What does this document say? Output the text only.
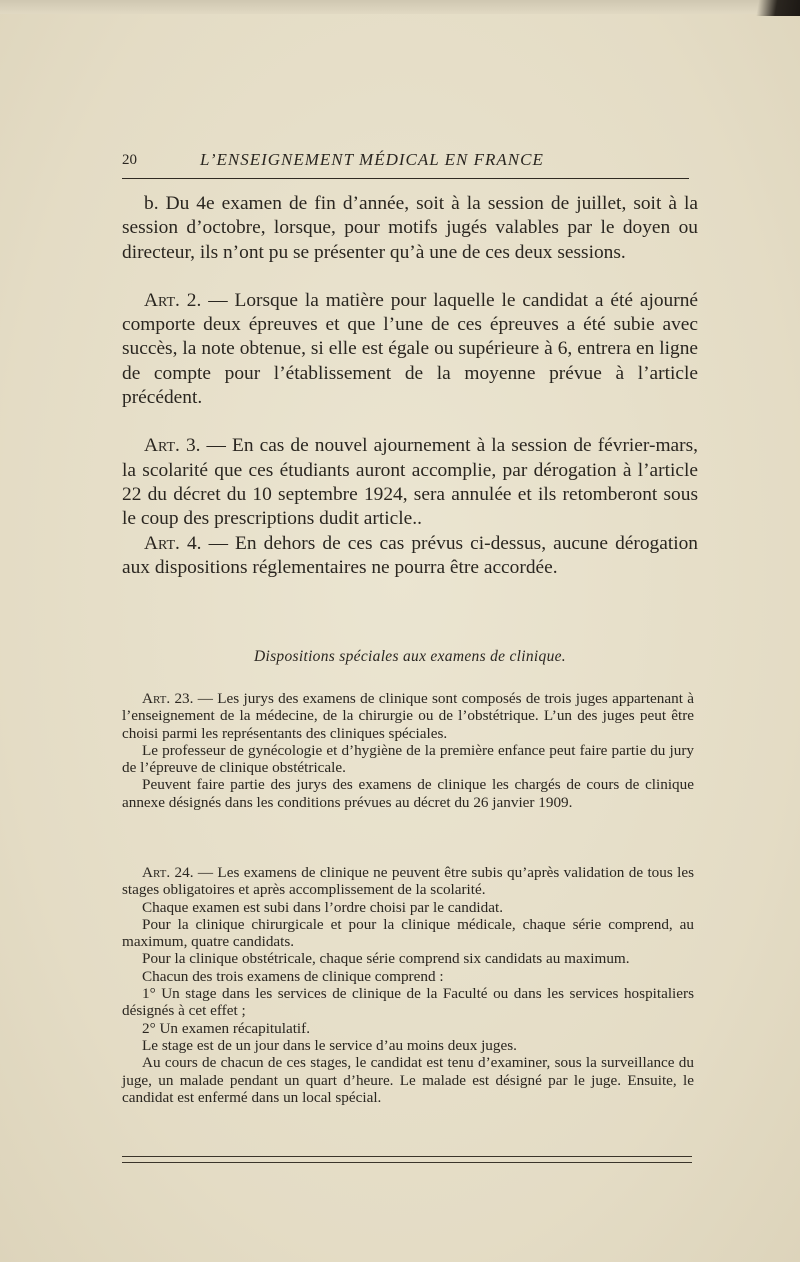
20	L’ENSEIGNEMENT MÉDICAL EN FRANCE

b. Du 4e examen de fin d’année, soit à la session de juillet, soit à la session d’octobre, lorsque, pour motifs jugés valables par le doyen ou directeur, ils n’ont pu se présenter qu’à une de ces deux sessions.

Art. 2. — Lorsque la matière pour laquelle le candidat a été ajourné comporte deux épreuves et que l’une de ces épreuves a été subie avec succès, la note obtenue, si elle est égale ou supérieure à 6, entrera en ligne de compte pour l’établissement de la moyenne prévue à l’article précédent.

Art. 3. — En cas de nouvel ajournement à la session de février-mars, la scolarité que ces étudiants auront accomplie, par dérogation à l’article 22 du décret du 10 septembre 1924, sera annulée et ils retomberont sous le coup des prescriptions dudit article..

Art. 4. — En dehors de ces cas prévus ci-dessus, aucune dérogation aux dispositions réglementaires ne pourra être accordée.

Dispositions spéciales aux examens de clinique.

Art. 23. — Les jurys des examens de clinique sont composés de trois juges appartenant à l’enseignement de la médecine, de la chirurgie ou de l’obstétrique. L’un des juges peut être choisi parmi les représentants des cliniques spéciales.

Le professeur de gynécologie et d’hygiène de la première enfance peut faire partie du jury de l’épreuve de clinique obstétricale.

Peuvent faire partie des jurys des examens de clinique les chargés de cours de clinique annexe désignés dans les conditions prévues au décret du 26 janvier 1909.

Art. 24. — Les examens de clinique ne peuvent être subis qu’après validation de tous les stages obligatoires et après accomplissement de la scolarité.

Chaque examen est subi dans l’ordre choisi par le candidat.

Pour la clinique chirurgicale et pour la clinique médicale, chaque série comprend, au maximum, quatre candidats.

Pour la clinique obstétricale, chaque série comprend six candidats au maximum.

Chacun des trois examens de clinique comprend :

1° Un stage dans les services de clinique de la Faculté ou dans les services hospitaliers désignés à cet effet ;

2° Un examen récapitulatif.

Le stage est de un jour dans le service d’au moins deux juges.

Au cours de chacun de ces stages, le candidat est tenu d’examiner, sous la surveillance du juge, un malade pendant un quart d’heure. Le malade est désigné par le juge. Ensuite, le candidat est enfermé dans un local spécial.
